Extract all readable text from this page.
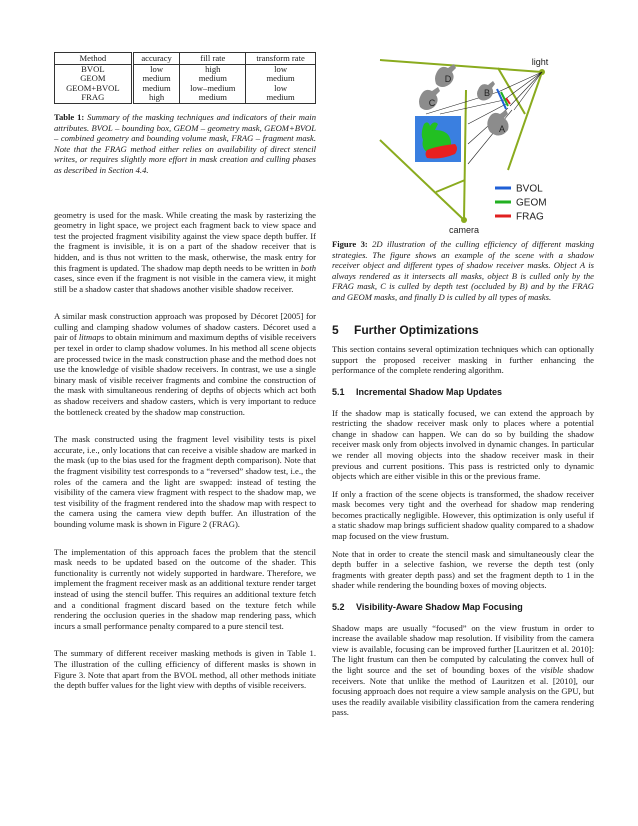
Method	accuracy	fill rate	transform rate
BVOL	low	high	low
GEOM	medium	medium	medium
GEOM+BVOL	medium	low–medium	low
FRAG	high	medium	medium

Table 1: Summary of the masking techniques and indicators of their main attributes. BVOL – bounding box, GEOM – geometry mask, GEOM+BVOL – combined geometry and bounding volume mask, FRAG – fragment mask. Note that the FRAG method either relies on availability of direct stencil writes, or requires slightly more effort in mask creation and culling phases as described in Section 4.4.

geometry is used for the mask. While creating the mask by rasterizing the geometry in light space, we project each fragment back to view space and test the projected fragment visibility against the view space depth buffer. If the fragment is invisible, it is on a part of the shadow receiver that is hidden, and is thus not written to the mask, otherwise, the mask entry for this fragment is updated. The shadow map depth needs to be written in both cases, since even if the fragment is not visible in the camera view, it might still be a shadow caster that shadows another visible shadow receiver.

A similar mask construction approach was proposed by Décoret [2005] for culling and clamping shadow volumes of shadow casters. Décoret used a pair of litmaps to obtain minimum and maximum depths of visible receivers per texel in order to clamp shadow volumes. In his method all scene objects are processed twice in the mask construction phase and the method does not use the knowledge of visible shadow receivers. In contrast, we use a single binary mask of visible receiver fragments and combine the construction of the mask with simultaneous rendering of depths of objects which act both as shadow receivers and shadow casters, which is very important to reduce the bottleneck created by the shadow map construction.

The mask constructed using the fragment level visibility tests is pixel accurate, i.e., only locations that can receive a visible shadow are marked in the mask (up to the bias used for the fragment depth comparison). Note that the fragment visibility test corresponds to a “reversed” shadow test, i.e., the roles of the camera and the light are swapped: instead of testing the visibility of the camera view fragment with respect to the shadow map, we test visibility of the fragment rendered into the shadow map with respect to the camera using the camera view depth buffer. An illustration of the bounding volume mask is shown in Figure 2 (FRAG).

The implementation of this approach faces the problem that the stencil mask needs to be updated based on the outcome of the shader. This functionality is currently not widely supported in hardware. Therefore, we implement the fragment receiver mask as an additional texture render target instead of using the stencil buffer. This requires an additional texture fetch and a conditional fragment discard based on the texture fetch while rendering the occlusion queries in the shadow map rendering pass, which incurs a small performance penalty compared to a pure stencil test.

The summary of different receiver masking methods is given in Table 1. The illustration of the culling efficiency of different masks is shown in Figure 3. Note that apart from the BVOL method, all other methods initiate the depth buffer values for the light view with depths of visible receivers.

D
C
B
A
light
camera
BVOL
GEOM
FRAG

Figure 3: 2D illustration of the culling efficiency of different masking strategies. The figure shows an example of the scene with a shadow receiver object and different types of shadow receiver masks. Object A is always rendered as it intersects all masks, object B is culled only by the FRAG mask, C is culled by depth test (occluded by B) and by the FRAG and GEOM masks, and finally D is culled by all types of masks.

5 Further Optimizations

This section contains several optimization techniques which can optionally support the proposed receiver masking in further enhancing the performance of the complete rendering algorithm.

5.1 Incremental Shadow Map Updates

If the shadow map is statically focused, we can extend the approach by restricting the shadow receiver mask only to places where a potential change in shadow can happen. We can do so by building the shadow receiver mask only from objects involved in dynamic changes. In particular we render all moving objects into the shadow receiver mask in their previous and current positions. This pass is restricted only to dynamic objects which are either visible in this or the previous frame.

If only a fraction of the scene objects is transformed, the shadow receiver mask becomes very tight and the overhead for shadow map rendering becomes practically negligible. However, this optimization is only useful if a static shadow map brings sufficient shadow quality compared to a shadow map focused on the view frustum.

Note that in order to create the stencil mask and simultaneously clear the depth buffer in a selective fashion, we reverse the depth test (only fragments with greater depth pass) and set the fragment depth to 1 in the shader while rendering the bounding boxes of moving objects.

5.2 Visibility-Aware Shadow Map Focusing

Shadow maps are usually “focused” on the view frustum in order to increase the available shadow map resolution. If visibility from the camera view is available, focusing can be improved further [Lauritzen et al. 2010]: The light frustum can then be computed by calculating the convex hull of the light source and the set of bounding boxes of the visible shadow receivers. Note that unlike the method of Lauritzen et al. [2010], our focusing approach does not require a view sample analysis on the GPU, but uses the readily available visibility classification from the camera rendering pass.
